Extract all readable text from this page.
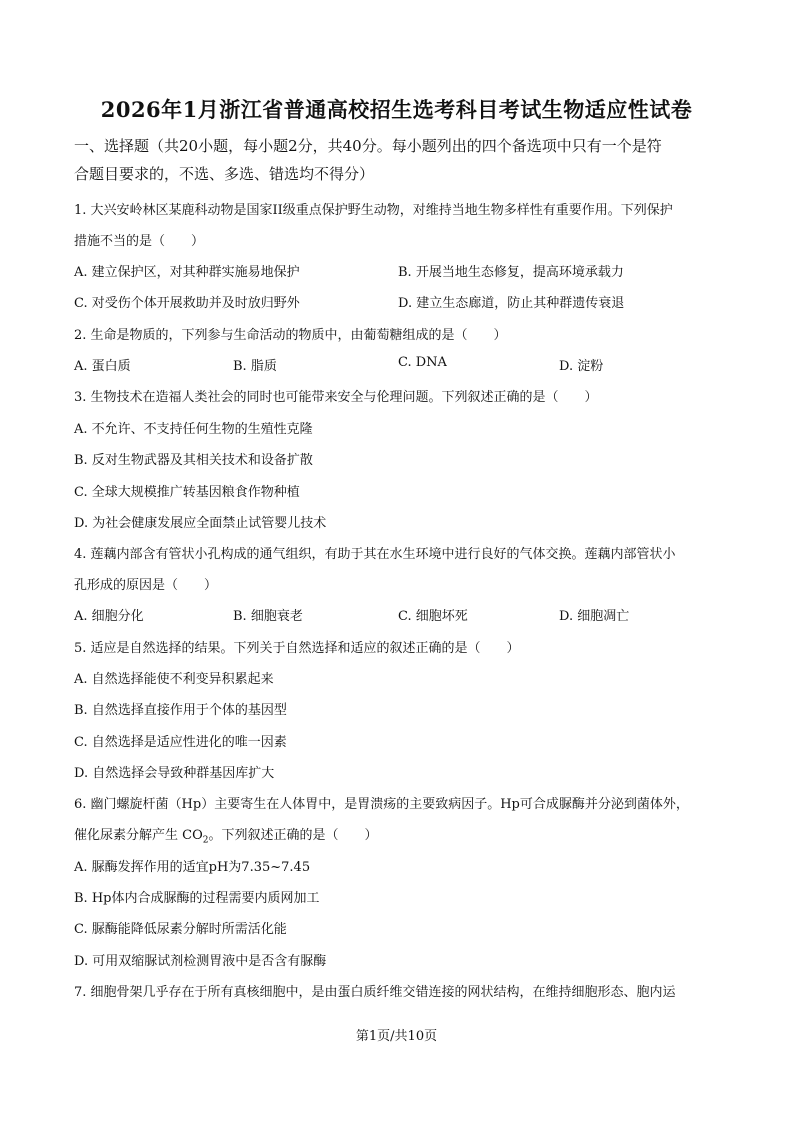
2026年1月浙江省普通高校招生选考科目考试生物适应性试卷
一、选择题（共20小题，每小题2分，共40分。每小题列出的四个备选项中只有一个是符
合题目要求的，不选、多选、错选均不得分）
1. 大兴安岭林区某鹿科动物是国家II级重点保护野生动物，对维持当地生物多样性有重要作用。下列保护
措施不当的是（　　）
A. 建立保护区，对其种群实施易地保护	B. 开展当地生态修复，提高环境承载力
C. 对受伤个体开展救助并及时放归野外	D. 建立生态廊道，防止其种群遗传衰退
2. 生命是物质的，下列参与生命活动的物质中，由葡萄糖组成的是（　　）
A. 蛋白质	B. 脂质	C. DNA	D. 淀粉
3. 生物技术在造福人类社会的同时也可能带来安全与伦理问题。下列叙述正确的是（　　）
A. 不允许、不支持任何生物的生殖性克隆
B. 反对生物武器及其相关技术和设备扩散
C. 全球大规模推广转基因粮食作物种植
D. 为社会健康发展应全面禁止试管婴儿技术
4. 莲藕内部含有管状小孔构成的通气组织，有助于其在水生环境中进行良好的气体交换。莲藕内部管状小
孔形成的原因是（　　）
A. 细胞分化	B. 细胞衰老	C. 细胞坏死	D. 细胞凋亡
5. 适应是自然选择的结果。下列关于自然选择和适应的叙述正确的是（　　）
A. 自然选择能使不利变异积累起来
B. 自然选择直接作用于个体的基因型
C. 自然选择是适应性进化的唯一因素
D. 自然选择会导致种群基因库扩大
6. 幽门螺旋杆菌（Hp）主要寄生在人体胃中，是胃溃疡的主要致病因子。Hp可合成脲酶并分泌到菌体外，
催化尿素分解产生 $CO_2$。下列叙述正确的是（　　）
A. 脲酶发挥作用的适宜pH为7.35~7.45
B. Hp体内合成脲酶的过程需要内质网加工
C. 脲酶能降低尿素分解时所需活化能
D. 可用双缩脲试剂检测胃液中是否含有脲酶
7. 细胞骨架几乎存在于所有真核细胞中，是由蛋白质纤维交错连接的网状结构，在维持细胞形态、胞内运
第1页/共10页
